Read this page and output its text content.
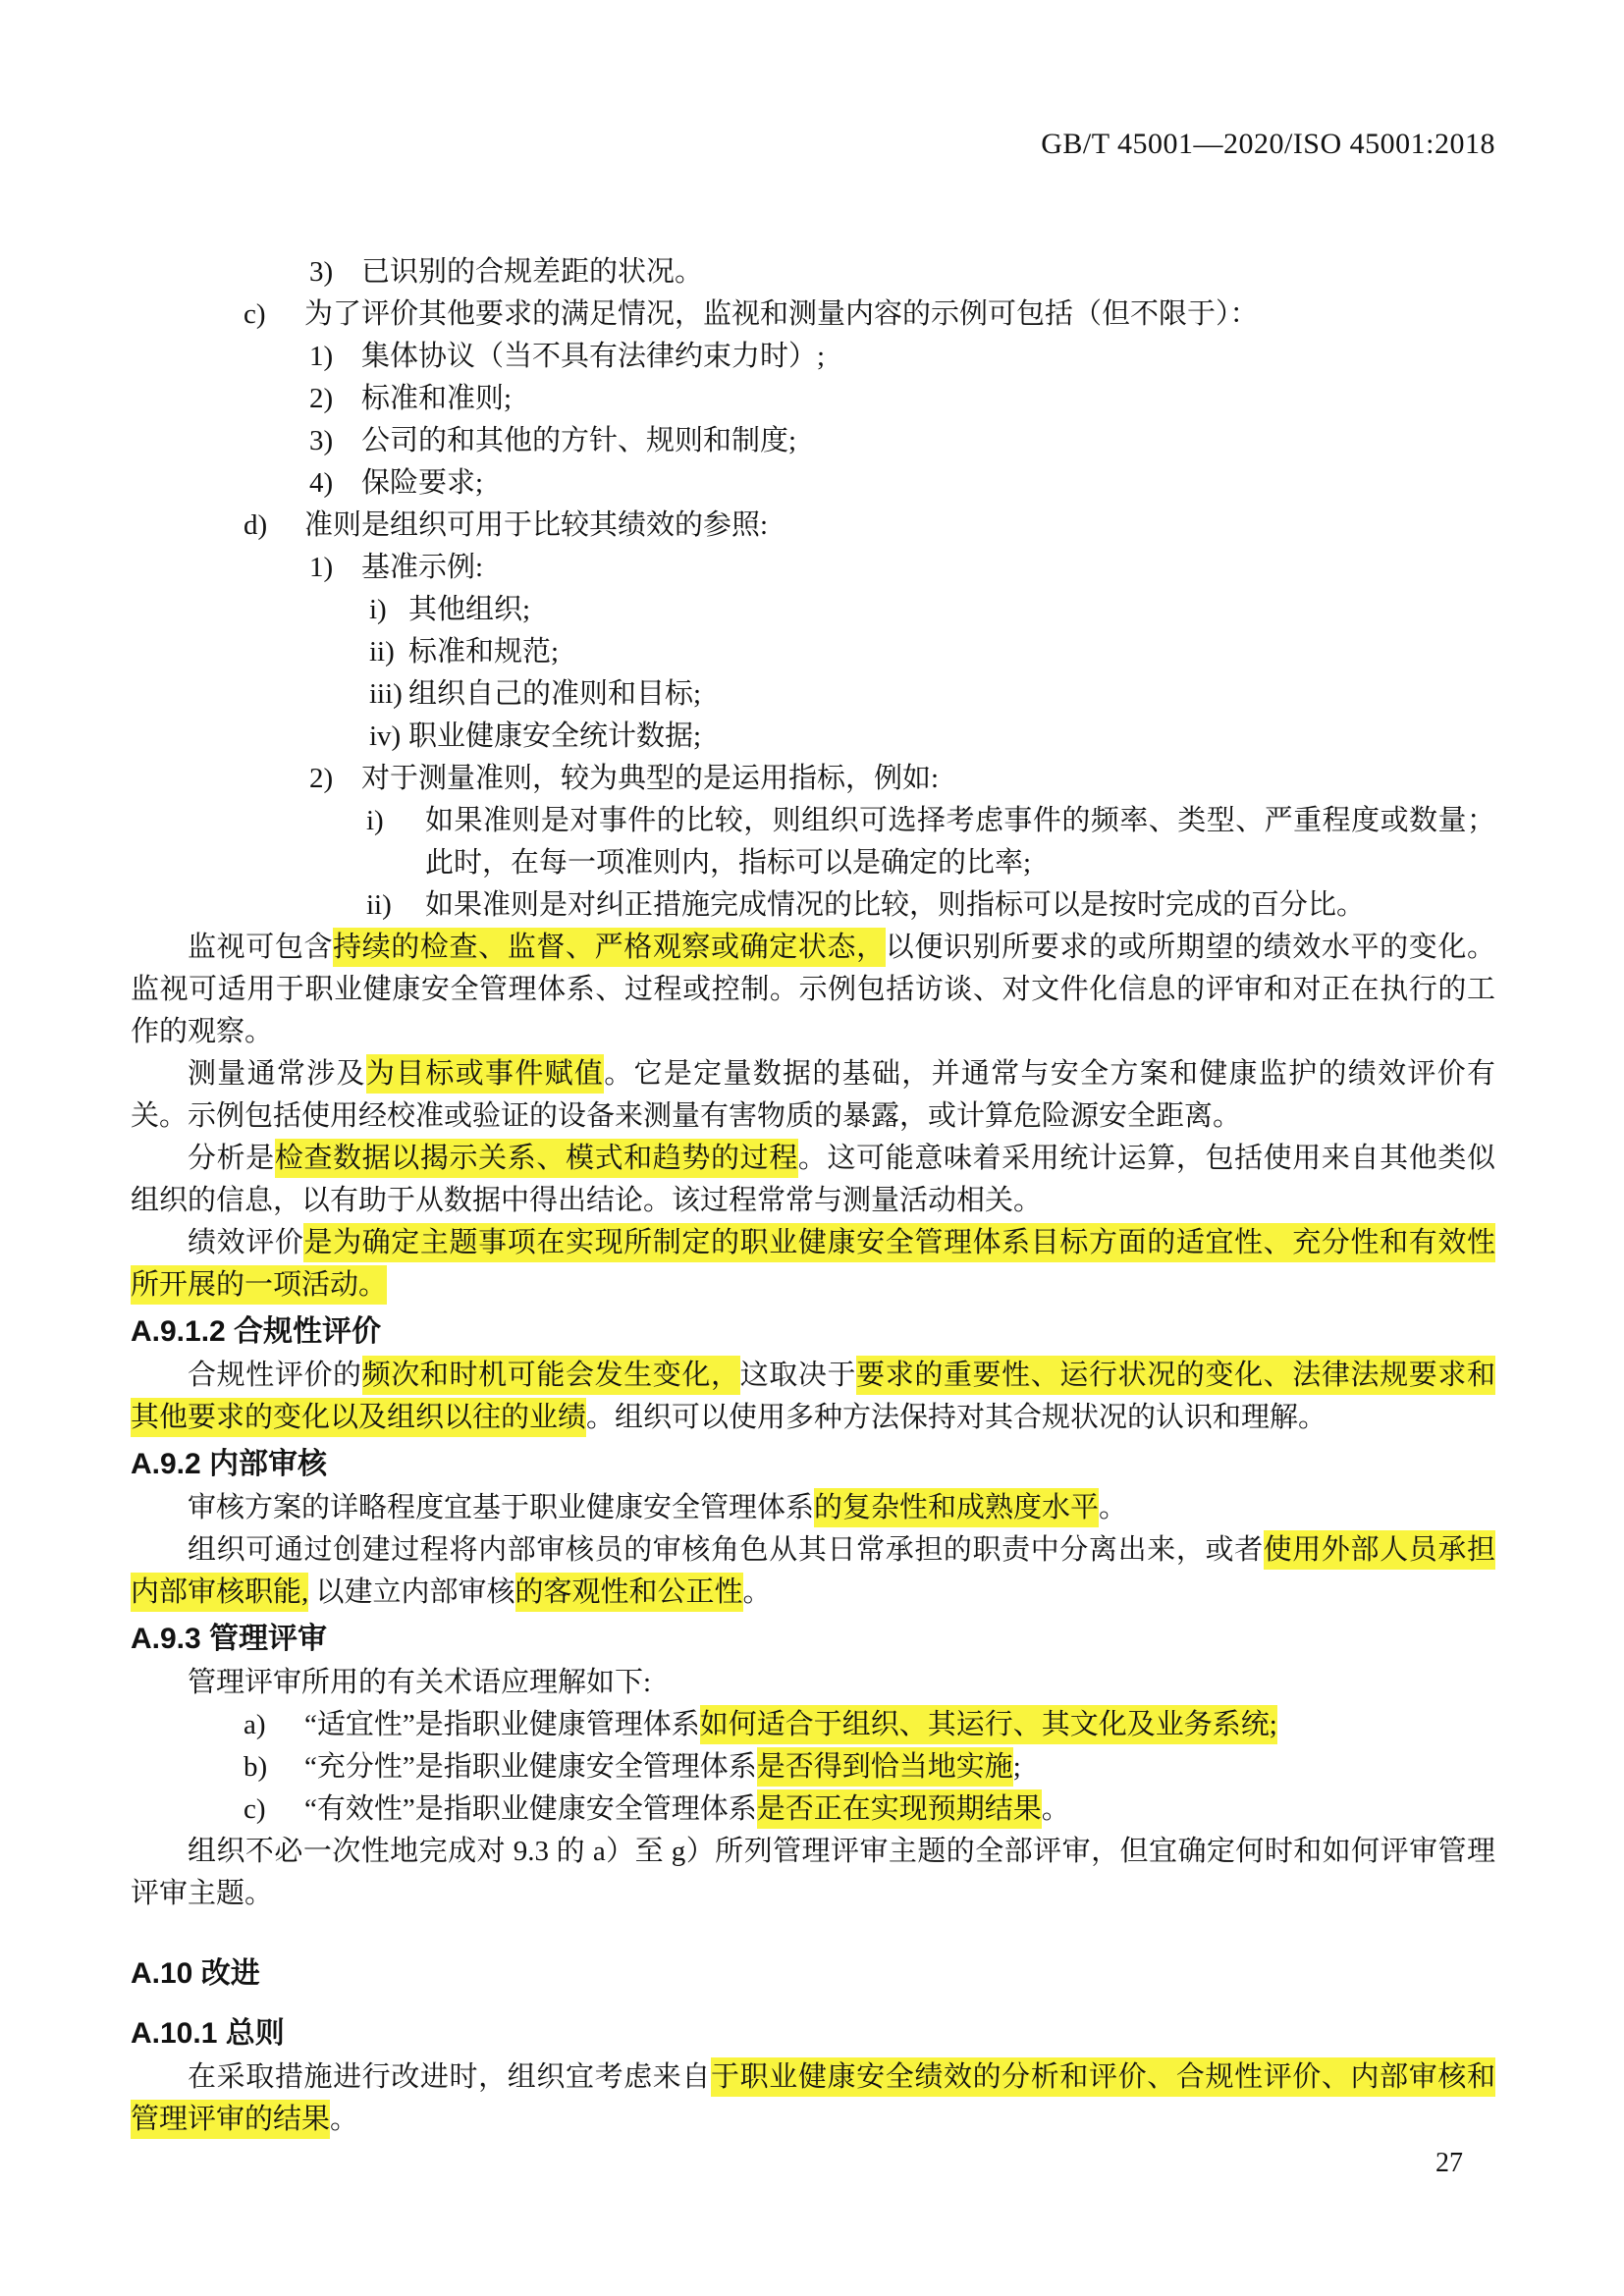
GB/T 45001—2020/ISO 45001:2018
3) 已识别的合规差距的状况。
c) 为了评价其他要求的满足情况，监视和测量内容的示例可包括（但不限于）：
1) 集体协议（当不具有法律约束力时）;
2) 标准和准则;
3) 公司的和其他的方针、规则和制度;
4) 保险要求;
d) 准则是组织可用于比较其绩效的参照:
1) 基准示例:
i) 其他组织;
ii) 标准和规范;
iii) 组织自己的准则和目标;
iv) 职业健康安全统计数据;
2) 对于测量准则，较为典型的是运用指标，例如:
i) 如果准则是对事件的比较，则组织可选择考虑事件的频率、类型、严重程度或数量；此时，在每一项准则内，指标可以是确定的比率;
ii) 如果准则是对纠正措施完成情况的比较，则指标可以是按时完成的百分比。
监视可包含持续的检查、监督、严格观察或确定状态，以便识别所要求的或所期望的绩效水平的变化。监视可适用于职业健康安全管理体系、过程或控制。示例包括访谈、对文件化信息的评审和对正在执行的工作的观察。
测量通常涉及为目标或事件赋值。它是定量数据的基础，并通常与安全方案和健康监护的绩效评价有关。示例包括使用经校准或验证的设备来测量有害物质的暴露，或计算危险源安全距离。
分析是检查数据以揭示关系、模式和趋势的过程。这可能意味着采用统计运算，包括使用来自其他类似组织的信息，以有助于从数据中得出结论。该过程常常与测量活动相关。
绩效评价是为确定主题事项在实现所制定的职业健康安全管理体系目标方面的适宜性、充分性和有效性所开展的一项活动。
A.9.1.2 合规性评价
合规性评价的频次和时机可能会发生变化，这取决于要求的重要性、运行状况的变化、法律法规要求和其他要求的变化以及组织以往的业绩。组织可以使用多种方法保持对其合规状况的认识和理解。
A.9.2 内部审核
审核方案的详略程度宜基于职业健康安全管理体系的复杂性和成熟度水平。
组织可通过创建过程将内部审核员的审核角色从其日常承担的职责中分离出来，或者使用外部人员承担内部审核职能, 以建立内部审核的客观性和公正性。
A.9.3 管理评审
管理评审所用的有关术语应理解如下:
a) “适宜性”是指职业健康管理体系如何适合于组织、其运行、其文化及业务系统;
b) “充分性”是指职业健康安全管理体系是否得到恰当地实施;
c) “有效性”是指职业健康安全管理体系是否正在实现预期结果。
组织不必一次性地完成对 9.3 的 a）至 g）所列管理评审主题的全部评审，但宜确定何时和如何评审管理评审主题。
A.10 改进
A.10.1 总则
在采取措施进行改进时，组织宜考虑来自于职业健康安全绩效的分析和评价、合规性评价、内部审核和管理评审的结果。
27
